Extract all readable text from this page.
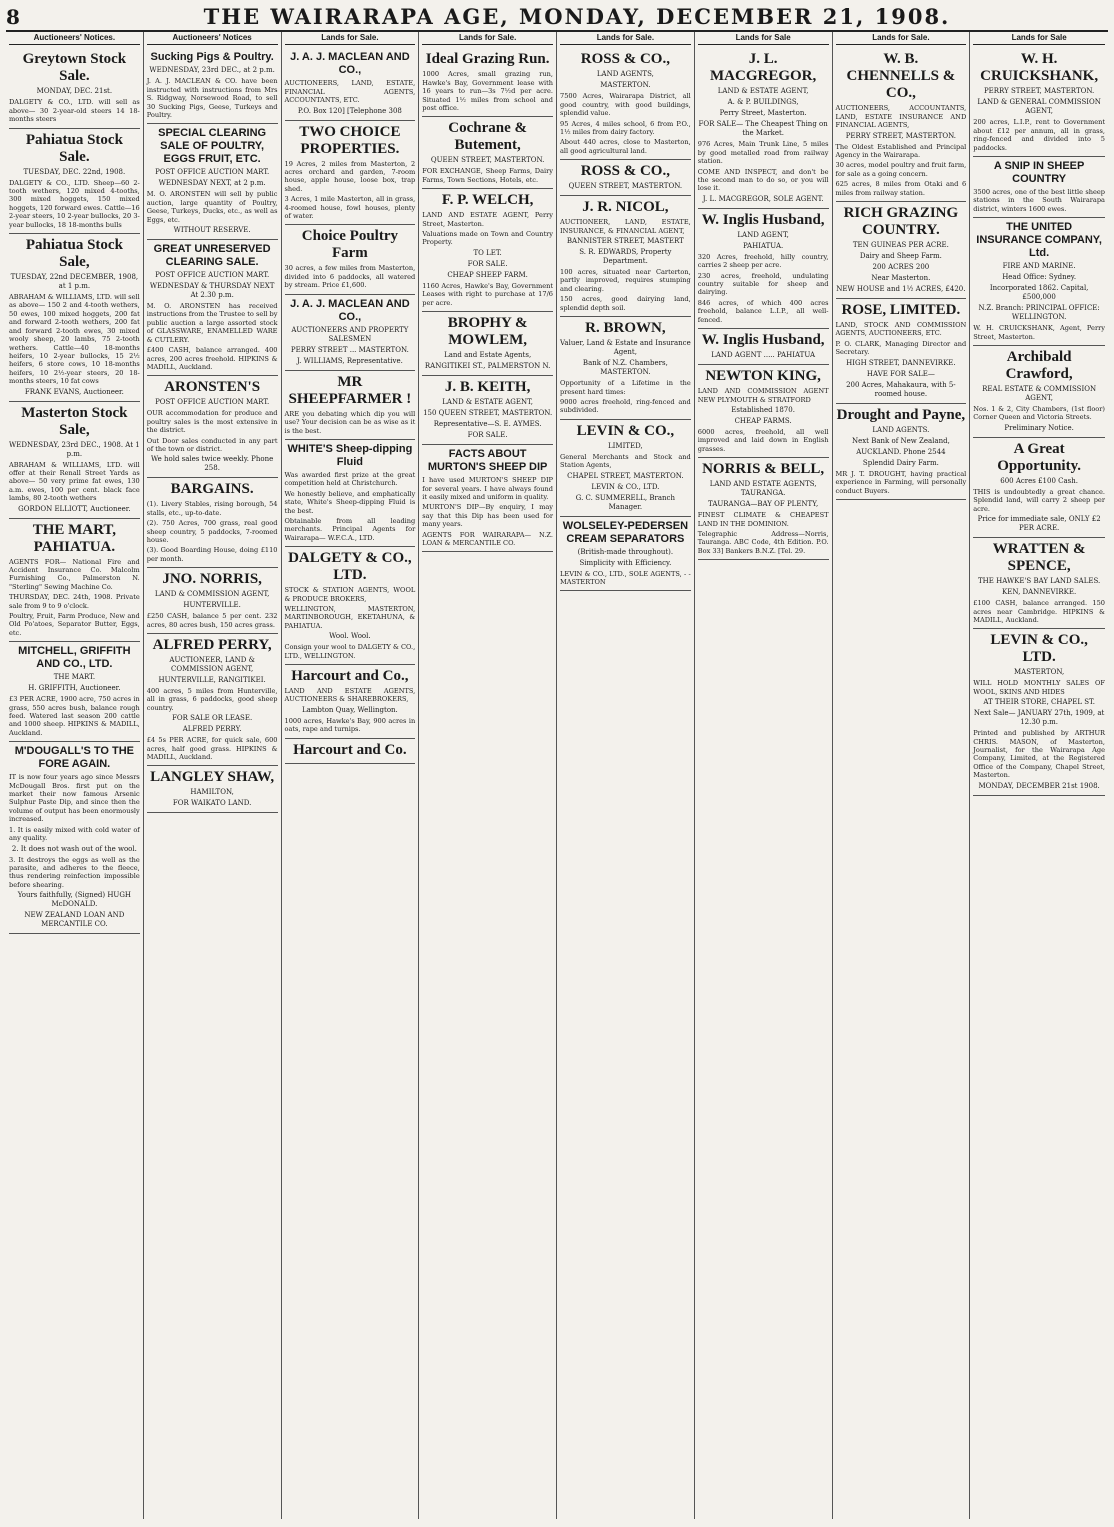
8	THE WAIRARAPA AGE, MONDAY, DECEMBER 21, 1908.
Auctioneers' Notices.
Greytown Stock Sale.
MONDAY, DEC. 21st.
DALGETY & CO., LTD. will sell as above— 30 2-year-old steers 14 18-months steers
Pahiatua Stock Sale.
TUESDAY, DEC. 22nd, 1908.
DALGETY & CO., LTD. Sheep—60 2-tooth wethers, 120 mixed 4-tooths, 300 mixed hoggets, 150 mixed hoggets, 120 forward ewes. Cattle—16 2-year steers, 10 2-year bullocks, 20 3-year bullocks, 18 18-months bulls
Pahiatua Stock Sale,
TUESDAY, 22nd DECEMBER, 1908, at 1 p.m.
ABRAHAM & WILLIAMS, LTD. will sell as above— 150 2 and 4-tooth wethers, 50 ewes, 100 mixed hoggets, 200 fat and forward 2-tooth wethers, 200 fat and forward 2-tooth ewes, 30 mixed wooly sheep, 20 lambs, 75 2-tooth wethers. Cattle—40 18-months heifers, 10 2-year bullocks, 15 2½ heifers, 6 store cows, 10 18-months heifers, 10 2½-year steers, 20 18-months steers, 10 fat cows
FRANK EVANS, Auctioneer.
Masterton Stock Sale,
WEDNESDAY, 23rd DEC., 1908. At 1 p.m.
ABRAHAM & WILLIAMS, LTD. will offer at their Renall Street Yards as above— 50 very prime fat ewes, 130 a.m. ewes, 100 per cent. black face lambs, 80 2-tooth wethers
GORDON ELLIOTT, Auctioneer.
THE MART, PAHIATUA.
AGENTS FOR— National Fire and Accident Insurance Co. Malcolm Furnishing Co., Palmerston N. "Sterling" Sewing Machine Co.
THURSDAY, DEC. 24th, 1908. Private sale from 9 to 9 o'clock.
Poultry, Fruit, Farm Produce, New and Old Po'atoes, Separator Butter, Eggs, etc.
MITCHELL, GRIFFITH AND CO., LTD.
THE MART.
H. GRIFFITH, Auctioneer.
£3 PER ACRE, 1900 acre, 750 acres in grass, 550 acres bush, balance rough feed. Watered last season 200 cattle and 1000 sheep. HIPKINS & MADILL, Auckland.
M'DOUGALL'S TO THE FORE AGAIN.
IT is now four years ago since Messrs McDougall Bros. first put on the market their now famous Arsenic Sulphur Paste Dip, and since then the volume of output has been enormously increased.
1. It is easily mixed with cold water of any quality.
2. It does not wash out of the wool.
3. It destroys the eggs as well as the parasite, and adheres to the fleece, thus rendering reinfection impossible before shearing.
Yours faithfully, (Signed) HUGH McDONALD.
NEW ZEALAND LOAN AND MERCANTILE CO.
Auctioneers' Notices
Sucking Pigs & Poultry.
WEDNESDAY, 23rd DEC., at 2 p.m.
J. A. J. MACLEAN & CO. have been instructed with instructions from Mrs S. Ridgway, Norsewood Road, to sell 30 Sucking Pigs, Geese, Turkeys and Poultry.
SPECIAL CLEARING SALE OF POULTRY, EGGS FRUIT, ETC.
POST OFFICE AUCTION MART.
WEDNESDAY NEXT, at 2 p.m.
M. O. ARONSTEN will sell by public auction, large quantity of Poultry, Geese, Turkeys, Ducks, etc., as well as Eggs, etc.
WITHOUT RESERVE.
GREAT UNRESERVED CLEARING SALE.
POST OFFICE AUCTION MART.
WEDNESDAY & THURSDAY NEXT At 2.30 p.m.
M. O. ARONSTEN has received instructions from the Trustee to sell by public auction a large assorted stock of GLASSWARE, ENAMELLED WARE & CUTLERY.
£400 CASH, balance arranged. 400 acres, 200 acres freehold. HIPKINS & MADILL, Auckland.
ARONSTEN'S
POST OFFICE AUCTION MART.
OUR accommodation for produce and poultry sales is the most extensive in the district.
Out Door sales conducted in any part of the town or district.
We hold sales twice weekly. Phone 258.
BARGAINS.
(1). Livery Stables, rising borough, 54 stalls, etc., up-to-date.
(2). 750 Acres, 700 grass, real good sheep country, 5 paddocks, 7-roomed house.
(3). Good Boarding House, doing £110 per month.
JNO. NORRIS,
LAND & COMMISSION AGENT,
HUNTERVILLE.
£250 CASH, balance 5 per cent. 232 acres, 80 acres bush, 150 acres grass.
ALFRED PERRY,
AUCTIONEER, LAND & COMMISSION AGENT,
HUNTERVILLE, RANGITIKEI.
400 acres, 5 miles from Hunterville, all in grass, 6 paddocks, good sheep country.
FOR SALE OR LEASE.
ALFRED PERRY.
£4 5s PER ACRE, for quick sale, 600 acres, half good grass. HIPKINS & MADILL, Auckland.
LANGLEY SHAW,
HAMILTON,
FOR WAIKATO LAND.
Lands for Sale.
J. A. J. MACLEAN AND CO.,
AUCTIONEERS, LAND, ESTATE, FINANCIAL AGENTS, ACCOUNTANTS, ETC.
P.O. Box 120] [Telephone 308
TWO CHOICE PROPERTIES.
19 Acres, 2 miles from Masterton, 2 acres orchard and garden, 7-room house, apple house, loose box, trap shed.
3 Acres, 1 mile Masterton, all in grass, 4-roomed house, fowl houses, plenty of water.
Choice Poultry Farm
30 acres, a few miles from Masterton, divided into 6 paddocks, all watered by stream. Price £1,600.
J. A. J. MACLEAN AND CO.,
AUCTIONEERS AND PROPERTY SALESMEN
PERRY STREET ... MASTERTON.
J. WILLIAMS, Representative.
MR SHEEPFARMER !
ARE you debating which dip you will use? Your decision can be as wise as it is the best.
WHITE'S Sheep-dipping Fluid
Was awarded first prize at the great competition held at Christchurch.
We honestly believe, and emphatically state, White's Sheep-dipping Fluid is the best.
Obtainable from all leading merchants. Principal Agents for Wairarapa— W.F.C.A., LTD.
DALGETY & CO., LTD.
STOCK & STATION AGENTS, WOOL & PRODUCE BROKERS,
WELLINGTON, MASTERTON, MARTINBOROUGH, EKETAHUNA, & PAHIATUA.
Wool. Wool.
Consign your wool to DALGETY & CO., LTD., WELLINGTON.
Harcourt and Co.,
LAND AND ESTATE AGENTS, AUCTIONEERS & SHAREBROKERS,
Lambton Quay, Wellington.
1000 acres, Hawke's Bay, 900 acres in oats, rape and turnips.
Harcourt and Co.
Lands for Sale.
Ideal Grazing Run.
1000 Acres, small grazing run, Hawke's Bay, Government lease with 16 years to run—3s 7½d per acre. Situated 1½ miles from school and post office.
Cochrane & Butement,
QUEEN STREET, MASTERTON.
FOR EXCHANGE, Sheep Farms, Dairy Farms, Town Sections, Hotels, etc.
F. P. WELCH,
LAND AND ESTATE AGENT, Perry Street, Masterton.
Valuations made on Town and Country Property.
TO LET.
FOR SALE.
CHEAP SHEEP FARM.
1160 Acres, Hawke's Bay, Government Leases with right to purchase at 17/6 per acre.
BROPHY & MOWLEM,
Land and Estate Agents,
RANGITIKEI ST., PALMERSTON N.
J. B. KEITH,
LAND & ESTATE AGENT,
150 QUEEN STREET, MASTERTON.
Representative—S. E. AYMES.
FOR SALE.
FACTS ABOUT MURTON'S SHEEP DIP
I have used MURTON'S SHEEP DIP for several years. I have always found it easily mixed and uniform in quality.
MURTON'S DIP—By enquiry, I may say that this Dip has been used for many years.
AGENTS FOR WAIRARAPA— N.Z. LOAN & MERCANTILE CO.
Lands for Sale.
ROSS & CO.,
LAND AGENTS,
MASTERTON.
7500 Acres, Wairarapa District, all good country, with good buildings, splendid value.
95 Acres, 4 miles school, 6 from P.O., 1½ miles from dairy factory.
About 440 acres, close to Masterton, all good agricultural land.
ROSS & CO.,
QUEEN STREET, MASTERTON.
J. R. NICOL,
AUCTIONEER, LAND, ESTATE, INSURANCE, & FINANCIAL AGENT,
BANNISTER STREET, MASTERT
S. R. EDWARDS, Property Department.
100 acres, situated near Carterton, partly improved, requires stumping and clearing.
150 acres, good dairying land, splendid depth soil.
R. BROWN,
Valuer, Land & Estate and Insurance Agent,
Bank of N.Z. Chambers, MASTERTON.
Opportunity of a Lifetime in the present hard times:
9000 acres freehold, ring-fenced and subdivided.
LEVIN & CO.,
LIMITED,
General Merchants and Stock and Station Agents,
CHAPEL STREET, MASTERTON.
LEVIN & CO., LTD.
G. C. SUMMERELL, Branch Manager.
WOLSELEY-PEDERSEN CREAM SEPARATORS
(British-made throughout).
Simplicity with Efficiency.
LEVIN & CO., LTD., SOLE AGENTS, - - MASTERTON
Lands for Sale
J. L. MACGREGOR,
LAND & ESTATE AGENT,
A. & P. BUILDINGS,
Perry Street, Masterton.
FOR SALE— The Cheapest Thing on the Market.
976 Acres, Main Trunk Line, 5 miles by good metalled road from railway station.
COME AND INSPECT, and don't be the second man to do so, or you will lose it.
J. L. MACGREGOR, SOLE AGENT.
W. Inglis Husband,
LAND AGENT,
PAHIATUA.
320 Acres, freehold, hilly country, carries 2 sheep per acre.
230 acres, freehold, undulating country suitable for sheep and dairying.
846 acres, of which 400 acres freehold, balance L.I.P., all well-fenced.
W. Inglis Husband,
LAND AGENT ..... PAHIATUA
NEWTON KING,
LAND AND COMMISSION AGENT NEW PLYMOUTH & STRATFORD
Established 1870.
CHEAP FARMS.
6000 acres, freehold, all well improved and laid down in English grasses.
NORRIS & BELL,
LAND AND ESTATE AGENTS, TAURANGA.
TAURANGA—BAY OF PLENTY,
FINEST CLIMATE & CHEAPEST LAND IN THE DOMINION.
Telegraphic Address—Norris, Tauranga. ABC Code, 4th Edition. P.O. Box 33] Bankers B.N.Z. [Tel. 29.
Lands for Sale.
W. B. CHENNELLS & CO.,
AUCTIONEERS, ACCOUNTANTS, LAND, ESTATE INSURANCE AND FINANCIAL AGENTS,
PERRY STREET, MASTERTON.
The Oldest Established and Principal Agency in the Wairarapa.
30 acres, model poultry and fruit farm, for sale as a going concern.
625 acres, 8 miles from Otaki and 6 miles from railway station.
RICH GRAZING COUNTRY.
TEN GUINEAS PER ACRE.
Dairy and Sheep Farm.
200 ACRES 200
Near Masterton.
NEW HOUSE and 1½ ACRES, £420.
ROSE, LIMITED.
LAND, STOCK AND COMMISSION AGENTS, AUCTIONEERS, ETC.
P. O. CLARK, Managing Director and Secretary.
HIGH STREET, DANNEVIRKE.
HAVE FOR SALE—
200 Acres, Mahakaura, with 5-roomed house.
Drought and Payne,
LAND AGENTS.
Next Bank of New Zealand,
AUCKLAND. Phone 2544
Splendid Dairy Farm.
MR J. T. DROUGHT, having practical experience in Farming, will personally conduct Buyers.
Lands for Sale
W. H. CRUICKSHANK,
PERRY STREET, MASTERTON.
LAND & GENERAL COMMISSION AGENT,
200 acres, L.I.P., rent to Government about £12 per annum, all in grass, ring-fenced and divided into 5 paddocks.
A SNIP IN SHEEP COUNTRY
3500 acres, one of the best little sheep stations in the South Wairarapa district, winters 1600 ewes.
THE UNITED INSURANCE COMPANY, Ltd.
FIRE AND MARINE.
Head Office: Sydney.
Incorporated 1862. Capital, £500,000
N.Z. Branch: PRINCIPAL OFFICE: WELLINGTON.
W. H. CRUICKSHANK, Agent, Perry Street, Masterton.
Archibald Crawford,
REAL ESTATE & COMMISSION AGENT,
Nos. 1 & 2, City Chambers, (1st floor) Corner Queen and Victoria Streets.
Preliminary Notice.
A Great Opportunity.
600 Acres £100 Cash.
THIS is undoubtedly a great chance. Splendid land, will carry 2 sheep per acre.
Price for immediate sale, ONLY £2 PER ACRE.
WRATTEN & SPENCE,
THE HAWKE'S BAY LAND SALES.
KEN, DANNEVIRKE.
£100 CASH, balance arranged. 150 acres near Cambridge. HIPKINS & MADILL, Auckland.
LEVIN & CO., LTD.
MASTERTON,
WILL HOLD MONTHLY SALES OF WOOL, SKINS AND HIDES
AT THEIR STORE, CHAPEL ST.
Next Sale— JANUARY 27th, 1909, at 12.30 p.m.
Printed and published by ARTHUR CHRIS. MASON, of Masterton, Journalist, for the Wairarapa Age Company, Limited, at the Registered Office of the Company, Chapel Street, Masterton.
MONDAY, DECEMBER 21st 1908.
